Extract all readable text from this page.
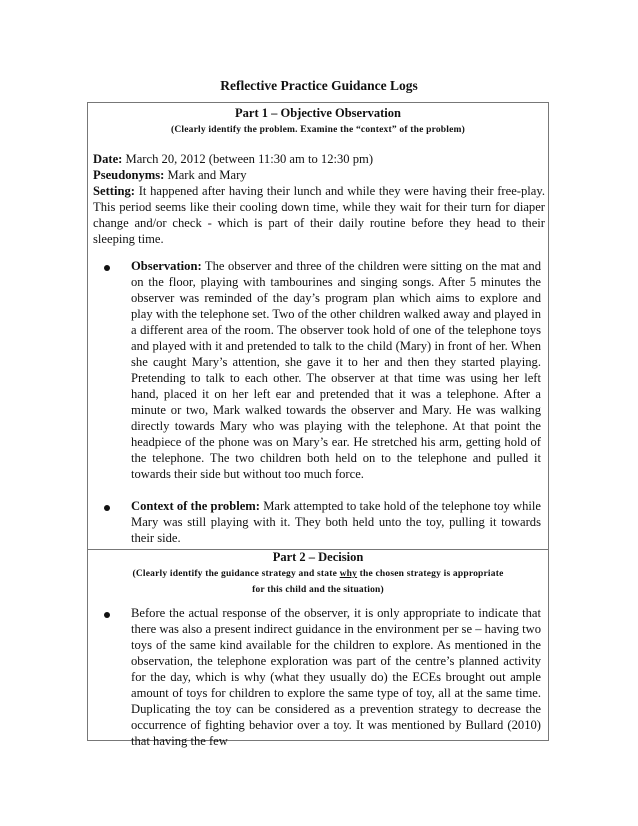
Reflective Practice Guidance Logs
Part 1 – Objective Observation
(Clearly identify the problem. Examine the “context” of the problem)
Date: March 20, 2012 (between 11:30 am to 12:30 pm)
Pseudonyms: Mark and Mary
Setting: It happened after having their lunch and while they were having their free-play. This period seems like their cooling down time, while they wait for their turn for diaper change and/or check - which is part of their daily routine before they head to their sleeping time.
Observation: The observer and three of the children were sitting on the mat and on the floor, playing with tambourines and singing songs. After 5 minutes the observer was reminded of the day’s program plan which aims to explore and play with the telephone set. Two of the other children walked away and played in a different area of the room. The observer took hold of one of the telephone toys and played with it and pretended to talk to the child (Mary) in front of her. When she caught Mary’s attention, she gave it to her and then they started playing. Pretending to talk to each other. The observer at that time was using her left hand, placed it on her left ear and pretended that it was a telephone. After a minute or two, Mark walked towards the observer and Mary. He was walking directly towards Mary who was playing with the telephone. At that point the headpiece of the phone was on Mary’s ear. He stretched his arm, getting hold of the telephone. The two children both held on to the telephone and pulled it towards their side but without too much force.
Context of the problem: Mark attempted to take hold of the telephone toy while Mary was still playing with it. They both held unto the toy, pulling it towards their side.
Part 2 – Decision
(Clearly identify the guidance strategy and state why the chosen strategy is appropriate
for this child and the situation)
Before the actual response of the observer, it is only appropriate to indicate that there was also a present indirect guidance in the environment per se – having two toys of the same kind available for the children to explore. As mentioned in the observation, the telephone exploration was part of the centre’s planned activity for the day, which is why (what they usually do) the ECEs brought out ample amount of toys for children to explore the same type of toy, all at the same time. Duplicating the toy can be considered as a prevention strategy to decrease the occurrence of fighting behavior over a toy. It was mentioned by Bullard (2010) that having the few
